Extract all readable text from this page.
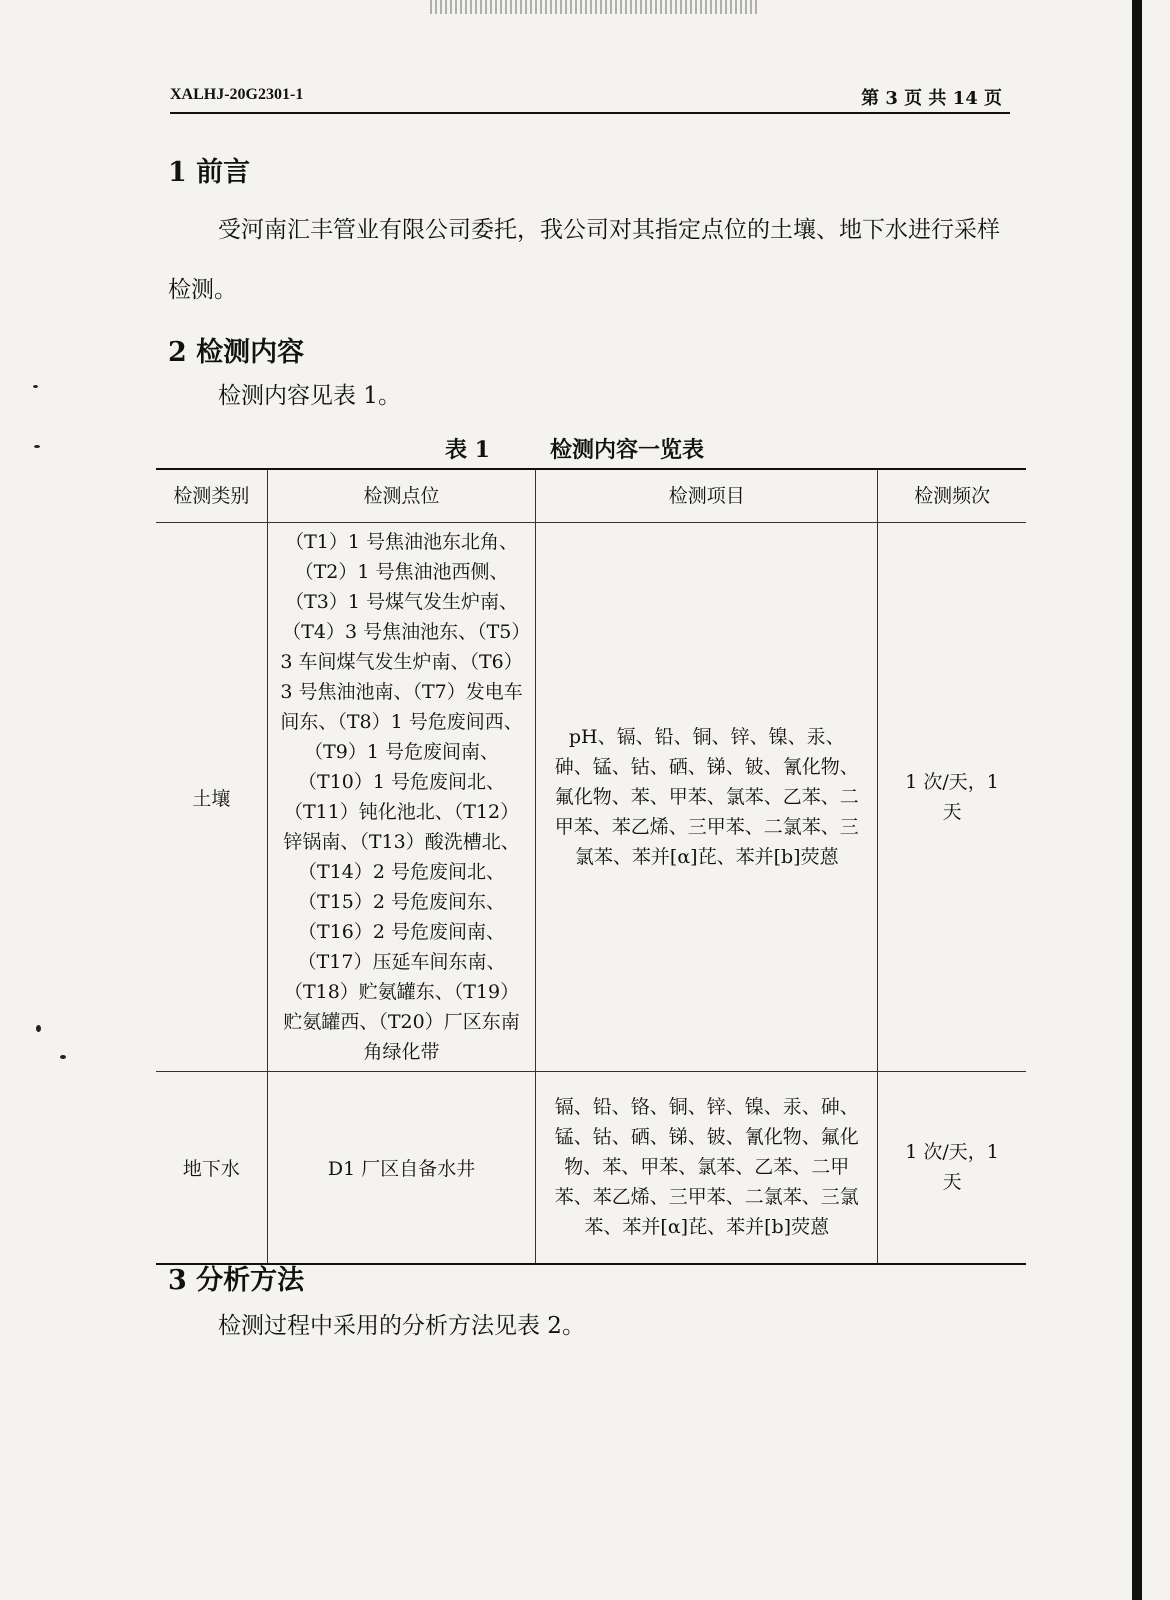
XALHJ-20G2301-1	第 3 页 共 14 页
1 前言
受河南汇丰管业有限公司委托，我公司对其指定点位的土壤、地下水进行采样检测。
2 检测内容
检测内容见表 1。
表 1	检测内容一览表
检测类别	检测点位	检测项目	检测频次
土壤	（T1）1 号焦油池东北角、（T2）1 号焦油池西侧、（T3）1 号煤气发生炉南、（T4）3 号焦油池东、（T5）3 车间煤气发生炉南、（T6）3 号焦油池南、（T7）发电车间东、（T8）1 号危废间西、（T9）1 号危废间南、（T10）1 号危废间北、（T11）钝化池北、（T12）锌锅南、（T13）酸洗槽北、（T14）2 号危废间北、（T15）2 号危废间东、（T16）2 号危废间南、（T17）压延车间东南、（T18）贮氨罐东、（T19）贮氨罐西、（T20）厂区东南角绿化带	pH、镉、铅、铜、锌、镍、汞、砷、锰、钴、硒、锑、铍、氰化物、氟化物、苯、甲苯、氯苯、乙苯、二甲苯、苯乙烯、三甲苯、二氯苯、三氯苯、苯并[α]芘、苯并[b]荧蒽	1 次/天，1 天

地下水	D1 厂区自备水井	镉、铅、铬、铜、锌、镍、汞、砷、锰、钴、硒、锑、铍、氰化物、氟化物、苯、甲苯、氯苯、乙苯、二甲苯、苯乙烯、三甲苯、二氯苯、三氯苯、苯并[α]芘、苯并[b]荧蒽	1 次/天，1 天
3 分析方法
检测过程中采用的分析方法见表 2。
